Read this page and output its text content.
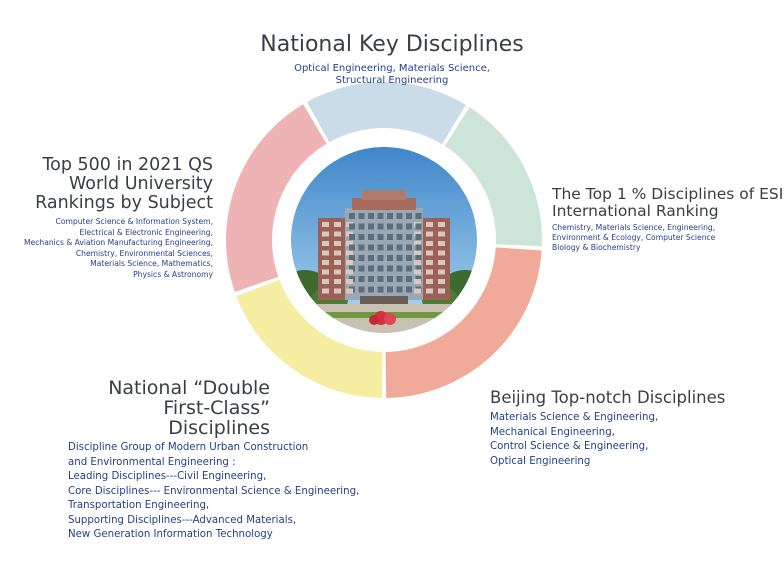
National Key Disciplines
Optical Engineering, Materials Science,
Structural Engineering
Top 500 in 2021 QS
World University
Rankings by Subject
Computer Science & Information System,
Electrical & Electronic Engineering,
Mechanics & Aviation Manufacturing Engineering,
Chemistry, Environmental Sciences,
Materials Science, Mathematics,
Physics & Astronomy
The Top 1 % Disciplines of ESI
International Ranking
Chemistry, Materials Science, Engineering,
Environment & Ecology, Computer Science
Biology & Biochemistry
National “Double
First-Class” Disciplines
Discipline Group of Modern Urban Construction
and Environmental Engineering :
Leading Disciplines---Civil Engineering,
Core Disciplines--- Environmental Science & Engineering,
Transportation Engineering,
Supporting Disciplines---Advanced Materials,
New Generation Information Technology
Beijing Top-notch Disciplines
Materials Science & Engineering,
Mechanical Engineering,
Control Science & Engineering,
Optical Engineering
